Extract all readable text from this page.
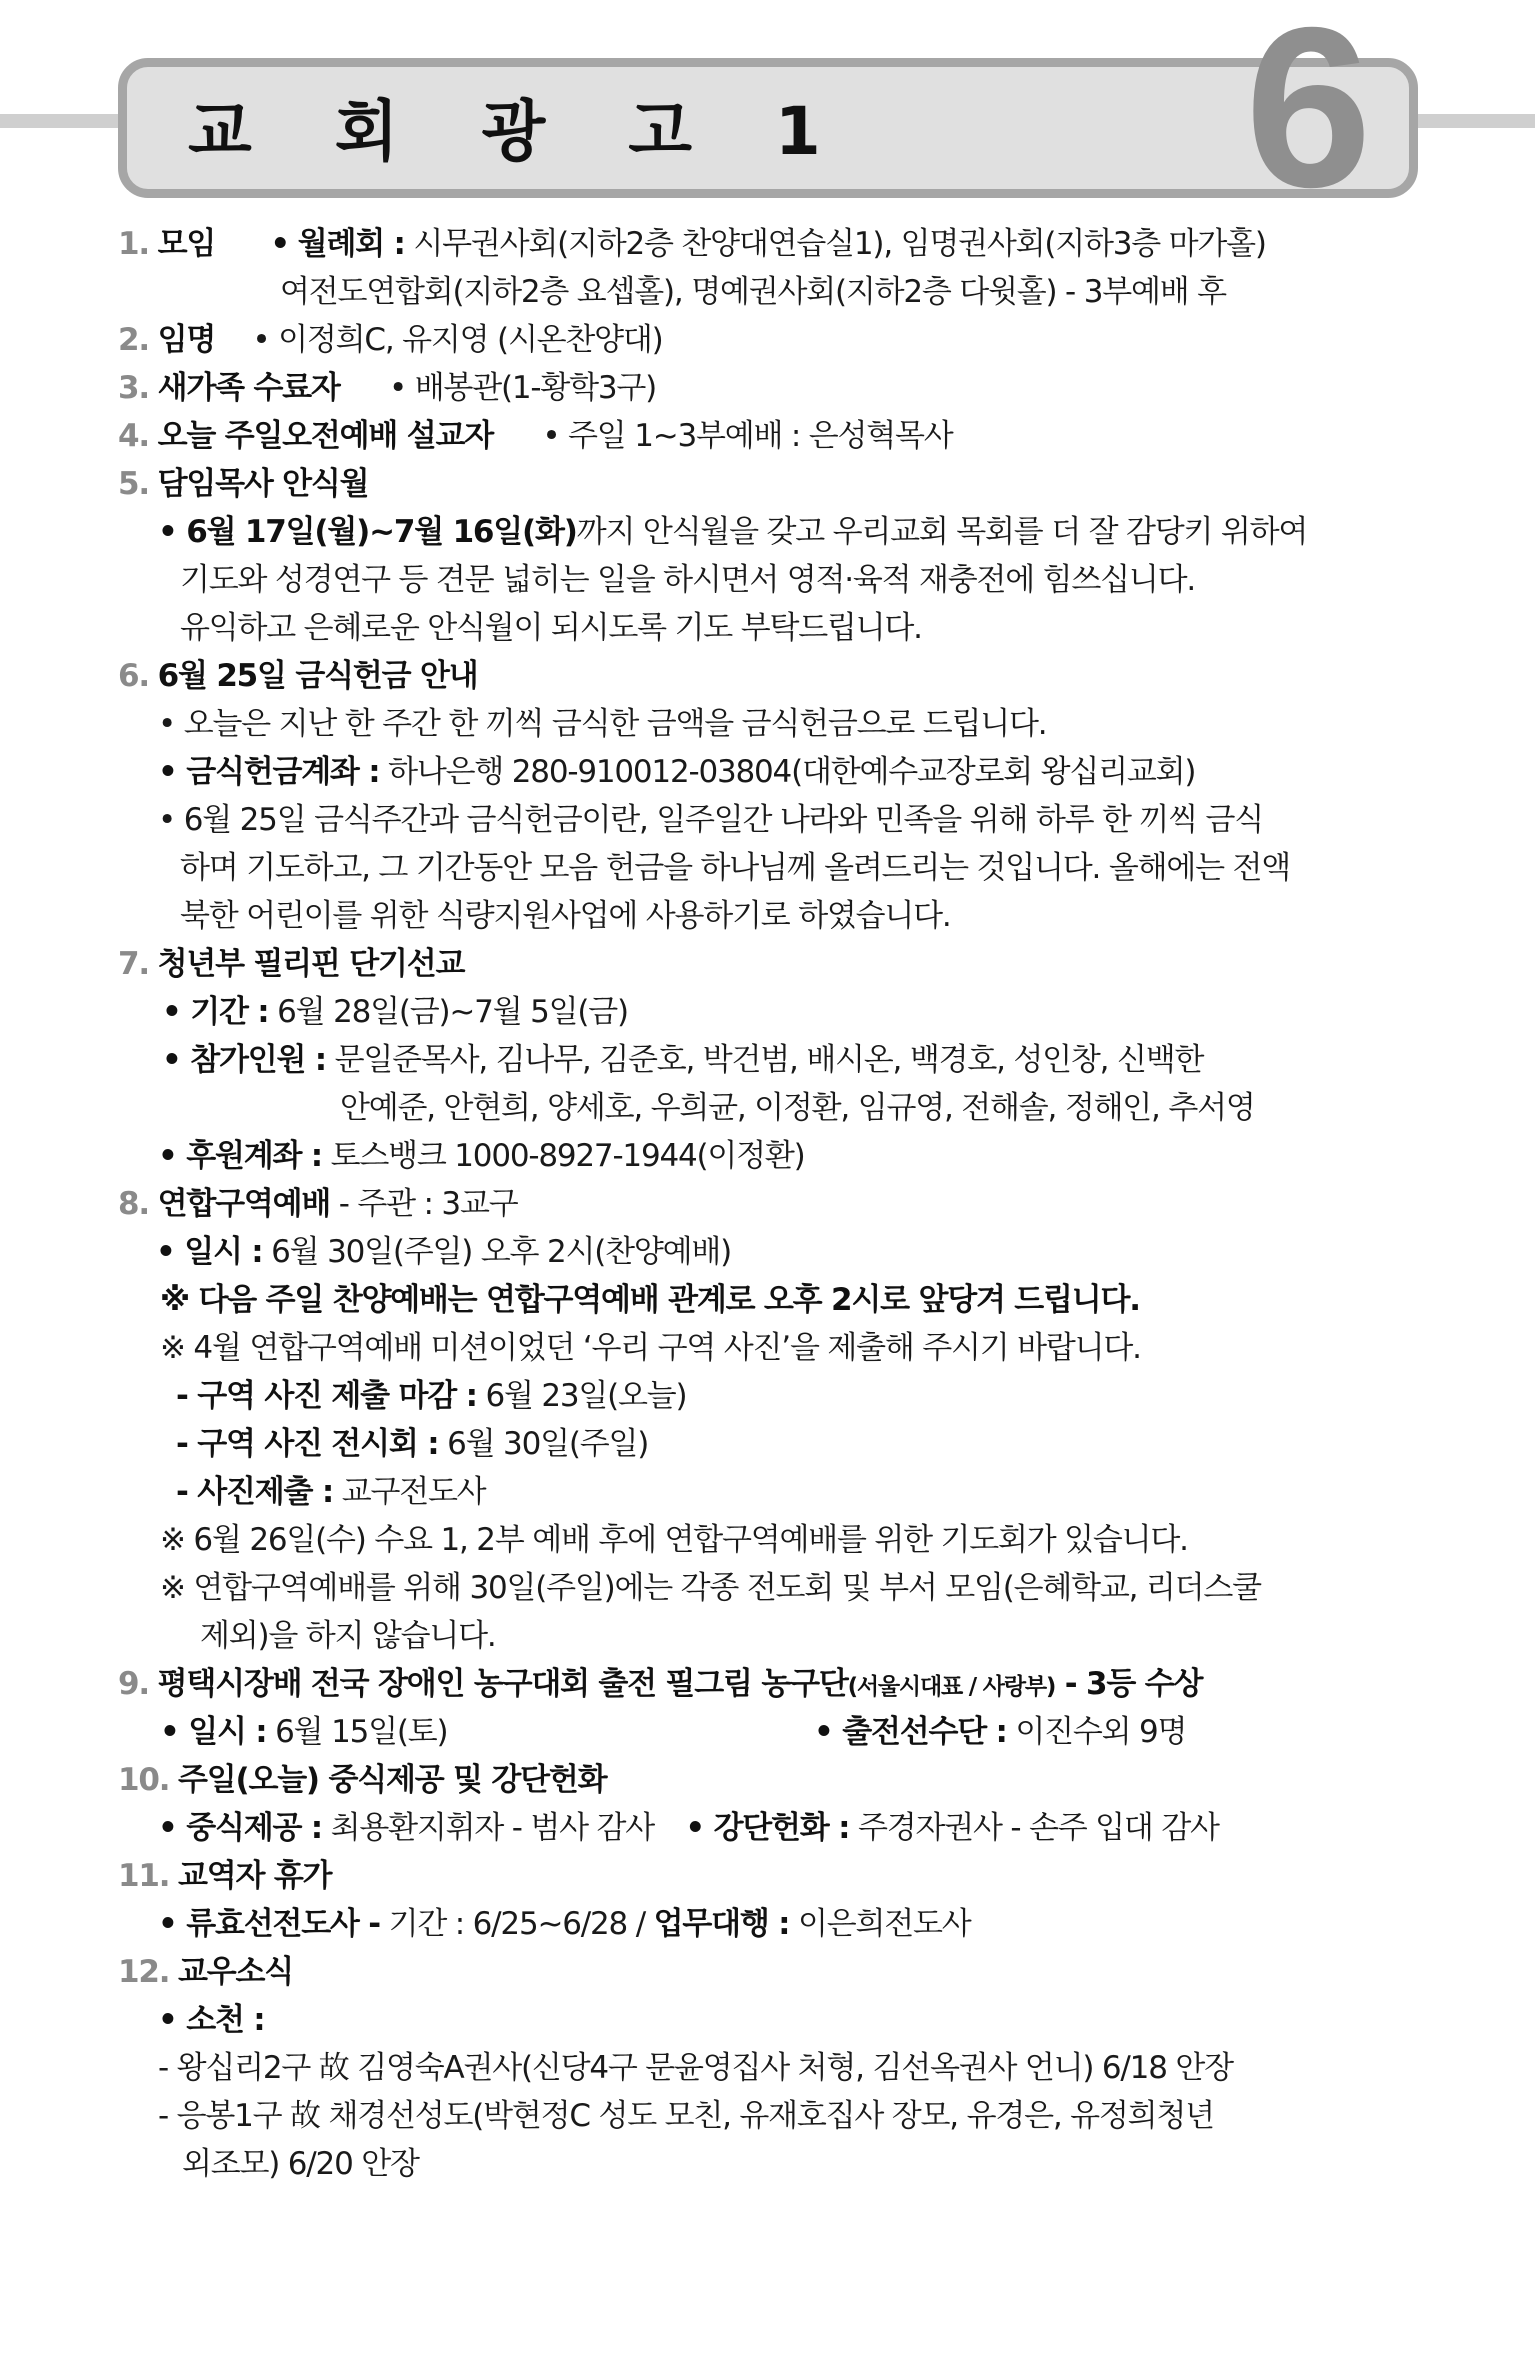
교 회 광 고 1 6
1. 모임 • 월례회 : 시무권사회(지하2층 찬양대연습실1), 임명권사회(지하3층 마가홀)
여전도연합회(지하2층 요셉홀), 명예권사회(지하2층 다윗홀) - 3부예배 후
2. 임명 • 이정희C, 유지영 (시온찬양대)
3. 새가족 수료자 • 배봉관(1-황학3구)
4. 오늘 주일오전예배 설교자 • 주일 1~3부예배 : 은성혁목사
5. 담임목사 안식월
• 6월 17일(월)~7월 16일(화)까지 안식월을 갖고 우리교회 목회를 더 잘 감당키 위하여
기도와 성경연구 등 견문 넓히는 일을 하시면서 영적·육적 재충전에 힘쓰십니다.
유익하고 은혜로운 안식월이 되시도록 기도 부탁드립니다.
6. 6월 25일 금식헌금 안내
• 오늘은 지난 한 주간 한 끼씩 금식한 금액을 금식헌금으로 드립니다.
• 금식헌금계좌 : 하나은행 280-910012-03804(대한예수교장로회 왕십리교회)
• 6월 25일 금식주간과 금식헌금이란, 일주일간 나라와 민족을 위해 하루 한 끼씩 금식
하며 기도하고, 그 기간동안 모음 헌금을 하나님께 올려드리는 것입니다. 올해에는 전액
북한 어린이를 위한 식량지원사업에 사용하기로 하였습니다.
7. 청년부 필리핀 단기선교
• 기간 : 6월 28일(금)~7월 5일(금)
• 참가인원 : 문일준목사, 김나무, 김준호, 박건범, 배시온, 백경호, 성인창, 신백한
안예준, 안현희, 양세호, 우희균, 이정환, 임규영, 전해솔, 정해인, 추서영
• 후원계좌 : 토스뱅크 1000-8927-1944(이정환)
8. 연합구역예배 - 주관 : 3교구
• 일시 : 6월 30일(주일) 오후 2시(찬양예배)
※ 다음 주일 찬양예배는 연합구역예배 관계로 오후 2시로 앞당겨 드립니다.
※ 4월 연합구역예배 미션이었던 ‘우리 구역 사진’을 제출해 주시기 바랍니다.
- 구역 사진 제출 마감 : 6월 23일(오늘)
- 구역 사진 전시회 : 6월 30일(주일)
- 사진제출 : 교구전도사
※ 6월 26일(수) 수요 1, 2부 예배 후에 연합구역예배를 위한 기도회가 있습니다.
※ 연합구역예배를 위해 30일(주일)에는 각종 전도회 및 부서 모임(은혜학교, 리더스쿨
제외)을 하지 않습니다.
9. 평택시장배 전국 장애인 농구대회 출전 필그림 농구단(서울시대표 / 사랑부) - 3등 수상
• 일시 : 6월 15일(토)	• 출전선수단 : 이진수외 9명
10. 주일(오늘) 중식제공 및 강단헌화
• 중식제공 : 최용환지휘자 - 범사 감사 • 강단헌화 : 주경자권사 - 손주 입대 감사
11. 교역자 휴가
• 류효선전도사 - 기간 : 6/25~6/28 / 업무대행 : 이은희전도사
12. 교우소식
• 소천 :
- 왕십리2구 故 김영숙A권사(신당4구 문윤영집사 처형, 김선옥권사 언니) 6/18 안장
- 응봉1구 故 채경선성도(박현정C 성도 모친, 유재호집사 장모, 유경은, 유정희청년
외조모) 6/20 안장
